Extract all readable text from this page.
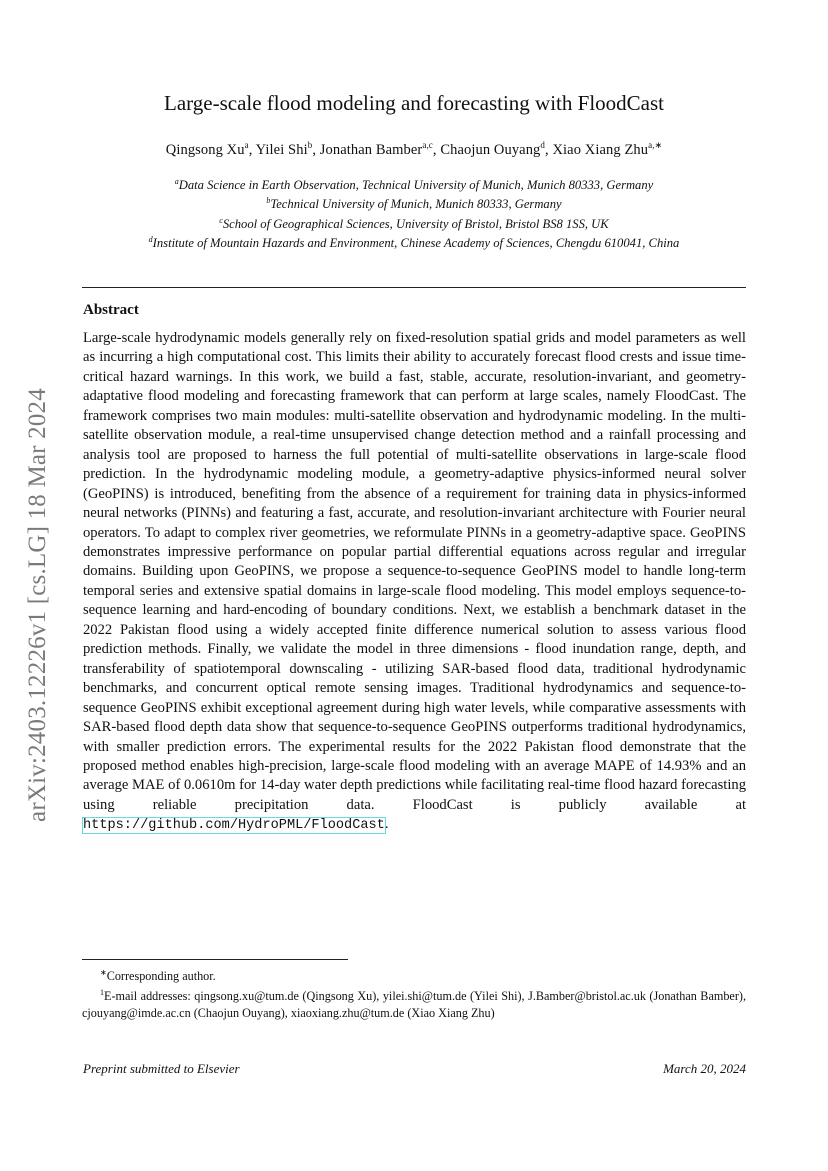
arXiv:2403.12226v1 [cs.LG] 18 Mar 2024
Large-scale flood modeling and forecasting with FloodCast
Qingsong Xu$^a$, Yilei Shi$^b$, Jonathan Bamber$^{a,c}$, Chaojun Ouyang$^d$, Xiao Xiang Zhu$^{a,∗}$
$^a$Data Science in Earth Observation, Technical University of Munich, Munich 80333, Germany
$^b$Technical University of Munich, Munich 80333, Germany
$^c$School of Geographical Sciences, University of Bristol, Bristol BS8 1SS, UK
$^d$Institute of Mountain Hazards and Environment, Chinese Academy of Sciences, Chengdu 610041, China
Abstract
Large-scale hydrodynamic models generally rely on fixed-resolution spatial grids and model parameters as well as incurring a high computational cost. This limits their ability to accurately forecast flood crests and issue time-critical hazard warnings. In this work, we build a fast, stable, accurate, resolution-invariant, and geometry-adaptative flood modeling and forecasting framework that can perform at large scales, namely FloodCast. The framework comprises two main modules: multi-satellite observation and hydrodynamic modeling. In the multi-satellite observation module, a real-time unsupervised change detection method and a rainfall processing and analysis tool are proposed to harness the full potential of multi-satellite observations in large-scale flood prediction. In the hydrodynamic modeling module, a geometry-adaptive physics-informed neural solver (GeoPINS) is introduced, benefiting from the absence of a requirement for training data in physics-informed neural networks (PINNs) and featuring a fast, accurate, and resolution-invariant architecture with Fourier neural operators. To adapt to complex river geometries, we reformulate PINNs in a geometry-adaptive space. GeoPINS demonstrates impressive performance on popular partial differential equations across regular and irregular domains. Building upon GeoPINS, we propose a sequence-to-sequence GeoPINS model to handle long-term temporal series and extensive spatial domains in large-scale flood modeling. This model employs sequence-to-sequence learning and hard-encoding of boundary conditions. Next, we establish a benchmark dataset in the 2022 Pakistan flood using a widely accepted finite difference numerical solution to assess various flood prediction methods. Finally, we validate the model in three dimensions - flood inundation range, depth, and transferability of spatiotemporal downscaling - utilizing SAR-based flood data, traditional hydrodynamic benchmarks, and concurrent optical remote sensing images. Traditional hydrodynamics and sequence-to-sequence GeoPINS exhibit exceptional agreement during high water levels, while comparative assessments with SAR-based flood depth data show that sequence-to-sequence GeoPINS outperforms traditional hydrodynamics, with smaller prediction errors. The experimental results for the 2022 Pakistan flood demonstrate that the proposed method enables high-precision, large-scale flood modeling with an average MAPE of 14.93% and an average MAE of 0.0610m for 14-day water depth predictions while facilitating real-time flood hazard forecasting using reliable precipitation data. FloodCast is publicly available at https://github.com/HydroPML/FloodCast.

∗Corresponding author.

$^1$E-mail addresses: qingsong.xu@tum.de (Qingsong Xu), yilei.shi@tum.de (Yilei Shi), J.Bamber@bristol.ac.uk (Jonathan Bamber), cjouyang@imde.ac.cn (Chaojun Ouyang), xiaoxiang.zhu@tum.de (Xiao Xiang Zhu)

Preprint submitted to Elsevier	March 20, 2024
